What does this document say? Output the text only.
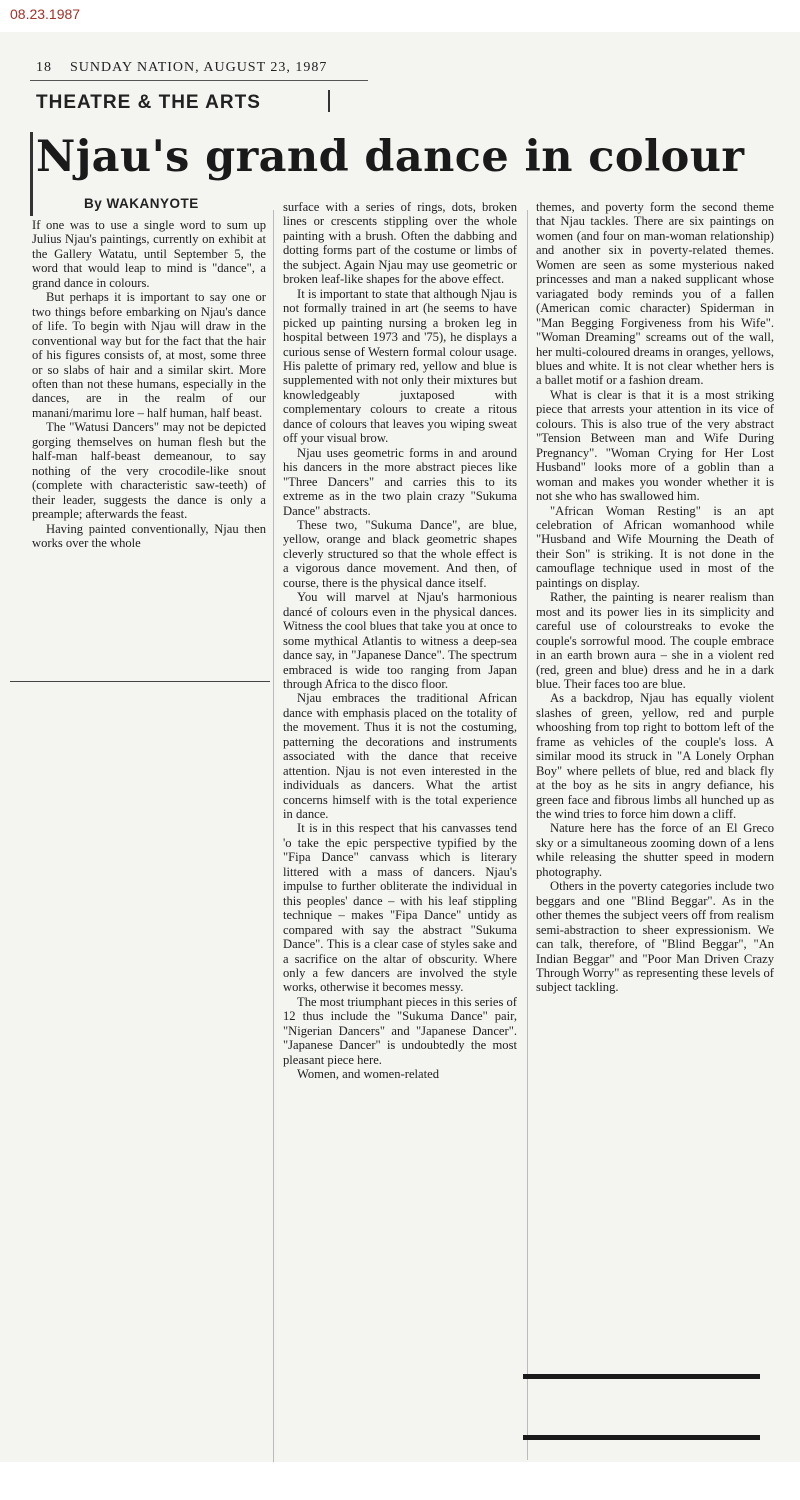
08.23.1987
18 SUNDAY NATION, AUGUST 23, 1987
THEATRE & THE ARTS
Njau's grand dance in colour
By WAKANYOTE

If one was to use a single word to sum up Julius Njau's paintings, currently on exhibit at the Gallery Watatu, until September 5, the word that would leap to mind is "dance", a grand dance in colours.

But perhaps it is important to say one or two things before embarking on Njau's dance of life. To begin with Njau will draw in the conventional way but for the fact that the hair of his figures consists of, at most, some three or so slabs of hair and a similar skirt. More often than not these humans, especially in the dances, are in the realm of our manani/marimu lore – half human, half beast.

The "Watusi Dancers" may not be depicted gorging themselves on human flesh but the half-man half-beast demeanour, to say nothing of the very crocodile-like snout (complete with characteristic saw-teeth) of their leader, suggests the dance is only a preample; afterwards the feast.

Having painted conventionally, Njau then works over the whole

surface with a series of rings, dots, broken lines or crescents stippling over the whole painting with a brush. Often the dabbing and dotting forms part of the costume or limbs of the subject. Again Njau may use geometric or broken leaf-like shapes for the above effect.

It is important to state that although Njau is not formally trained in art (he seems to have picked up painting nursing a broken leg in hospital between 1973 and '75), he displays a curious sense of Western formal colour usage. His palette of primary red, yellow and blue is supplemented with not only their mixtures but knowledgeably juxtaposed with complementary colours to create a ritous dance of colours that leaves you wiping sweat off your visual brow.

Njau uses geometric forms in and around his dancers in the more abstract pieces like "Three Dancers" and carries this to its extreme as in the two plain crazy "Sukuma Dance" abstracts.

These two, "Sukuma Dance", are blue, yellow, orange and black geometric shapes cleverly structured so that the whole effect is a vigorous dance movement. And then, of course, there is the physical dance itself.

You will marvel at Njau's harmonious dancé of colours even in the physical dances. Witness the cool blues that take you at once to some mythical Atlantis to witness a deep-sea dance say, in "Japanese Dance". The spectrum embraced is wide too ranging from Japan through Africa to the disco floor.

Njau embraces the traditional African dance with emphasis placed on the totality of the movement. Thus it is not the costuming, patterning the decorations and instruments associated with the dance that receive attention. Njau is not even interested in the individuals as dancers. What the artist concerns himself with is the total experience in dance.

It is in this respect that his canvasses tend 'o take the epic perspective typified by the "Fipa Dance" canvass which is literary littered with a mass of dancers. Njau's impulse to further obliterate the individual in this peoples' dance – with his leaf stippling technique – makes "Fipa Dance" untidy as compared with say the abstract "Sukuma Dance". This is a clear case of styles sake and a sacrifice on the altar of obscurity. Where only a few dancers are involved the style works, otherwise it becomes messy.

The most triumphant pieces in this series of 12 thus include the "Sukuma Dance" pair, "Nigerian Dancers" and "Japanese Dancer". "Japanese Dancer" is undoubtedly the most pleasant piece here.

Women, and women-related

themes, and poverty form the second theme that Njau tackles. There are six paintings on women (and four on man-woman relationship) and another six in poverty-related themes. Women are seen as some mysterious naked princesses and man a naked supplicant whose variagated body reminds you of a fallen (American comic character) Spiderman in "Man Begging Forgiveness from his Wife". "Woman Dreaming" screams out of the wall, her multi-coloured dreams in oranges, yellows, blues and white. It is not clear whether hers is a ballet motif or a fashion dream.

What is clear is that it is a most striking piece that arrests your attention in its vice of colours. This is also true of the very abstract "Tension Between man and Wife During Pregnancy". "Woman Crying for Her Lost Husband" looks more of a goblin than a woman and makes you wonder whether it is not she who has swallowed him.

"African Woman Resting" is an apt celebration of African womanhood while "Husband and Wife Mourning the Death of their Son" is striking. It is not done in the camouflage technique used in most of the paintings on display.

Rather, the painting is nearer realism than most and its power lies in its simplicity and careful use of colourstreaks to evoke the couple's sorrowful mood. The couple embrace in an earth brown aura – she in a violent red (red, green and blue) dress and he in a dark blue. Their faces too are blue.

As a backdrop, Njau has equally violent slashes of green, yellow, red and purple whooshing from top right to bottom left of the frame as vehicles of the couple's loss. A similar mood its struck in "A Lonely Orphan Boy" where pellets of blue, red and black fly at the boy as he sits in angry defiance, his green face and fibrous limbs all hunched up as the wind tries to force him down a cliff.

Nature here has the force of an El Greco sky or a simultaneous zooming down of a lens while releasing the shutter speed in modern photography.

Others in the poverty categories include two beggars and one "Blind Beggar". As in the other themes the subject veers off from realism semi-abstraction to sheer expressionism. We can talk, therefore, of "Blind Beggar", "An Indian Beggar" and "Poor Man Driven Crazy Through Worry" as representing these levels of subject tackling.
